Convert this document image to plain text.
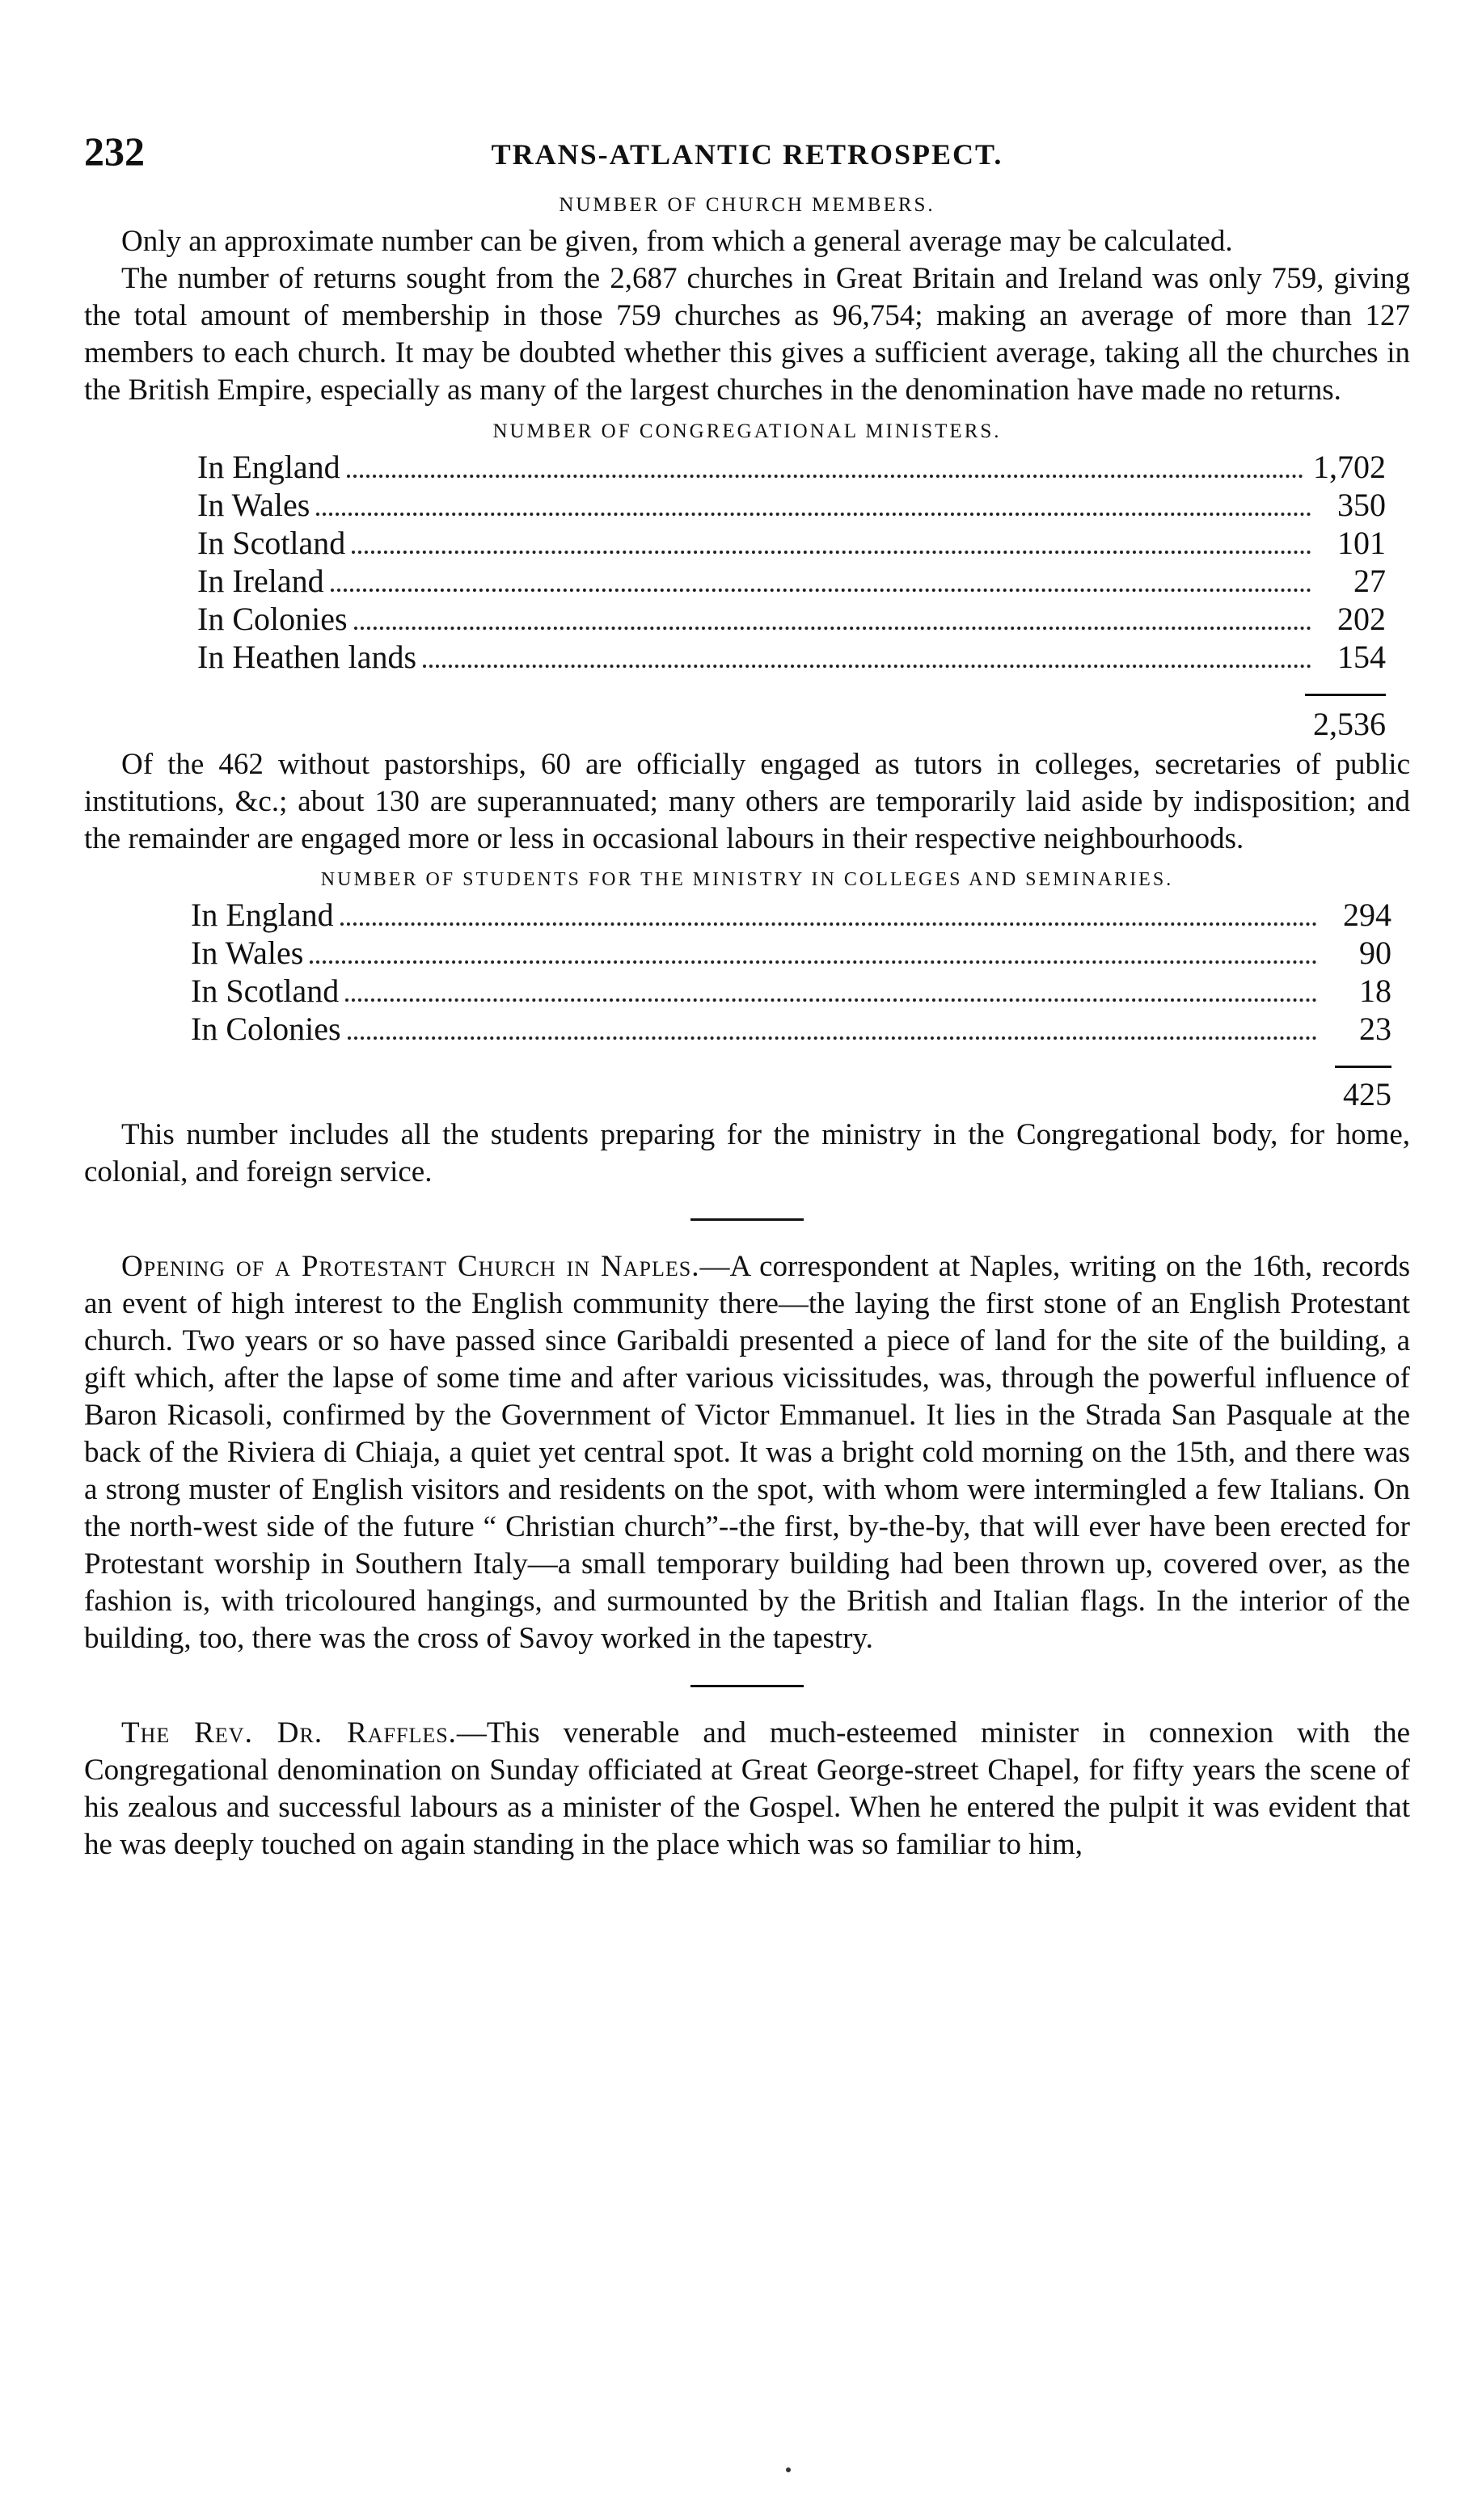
232	TRANS-ATLANTIC RETROSPECT.
NUMBER OF CHURCH MEMBERS.

Only an approximate number can be given, from which a general average may be calculated.

The number of returns sought from the 2,687 churches in Great Britain and Ireland was only 759, giving the total amount of membership in those 759 churches as 96,754; making an average of more than 127 members to each church. It may be doubted whether this gives a sufficient average, taking all the churches in the British Empire, especially as many of the largest churches in the denomination have made no returns.

NUMBER OF CONGREGATIONAL MINISTERS.
In England	1,702
In Wales	350
In Scotland	101
In Ireland	27
In Colonies	202
In Heathen lands	154
2,536

Of the 462 without pastorships, 60 are officially engaged as tutors in colleges, secretaries of public institutions, &c.; about 130 are superannuated; many others are temporarily laid aside by indisposition; and the remainder are engaged more or less in occasional labours in their respective neighbourhoods.

NUMBER OF STUDENTS FOR THE MINISTRY IN COLLEGES AND SEMINARIES.
In England	294
In Wales	90
In Scotland	18
In Colonies	23
425

This number includes all the students preparing for the ministry in the Congregational body, for home, colonial, and foreign service.

Opening of a Protestant Church in Naples.—A correspondent at Naples, writing on the 16th, records an event of high interest to the English community there—the laying the first stone of an English Protestant church. Two years or so have passed since Garibaldi presented a piece of land for the site of the building, a gift which, after the lapse of some time and after various vicissitudes, was, through the powerful influence of Baron Ricasoli, confirmed by the Government of Victor Emmanuel. It lies in the Strada San Pasquale at the back of the Riviera di Chiaja, a quiet yet central spot. It was a bright cold morning on the 15th, and there was a strong muster of English visitors and residents on the spot, with whom were intermingled a few Italians. On the north-west side of the future “ Christian church”--the first, by-the-by, that will ever have been erected for Protestant worship in Southern Italy—a small temporary building had been thrown up, covered over, as the fashion is, with tricoloured hangings, and surmounted by the British and Italian flags. In the interior of the building, too, there was the cross of Savoy worked in the tapestry.

The Rev. Dr. Raffles.—This venerable and much-esteemed minister in connexion with the Congregational denomination on Sunday officiated at Great George-street Chapel, for fifty years the scene of his zealous and successful labours as a minister of the Gospel. When he entered the pulpit it was evident that he was deeply touched on again standing in the place which was so familiar to him,
